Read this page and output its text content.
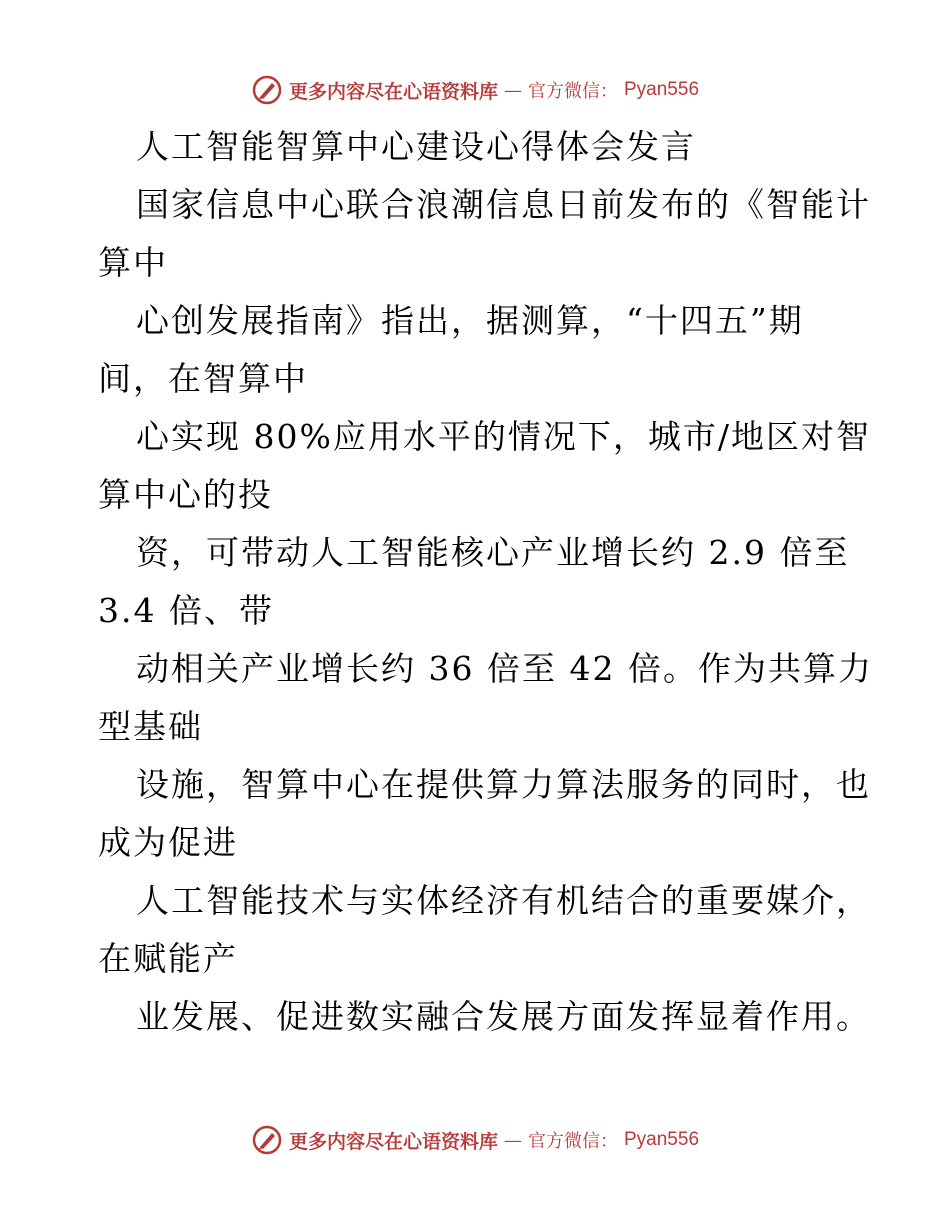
更多内容尽在心语资料库 — 官方微信： Pyan556
人工智能智算中心建设心得体会发言
国家信息中心联合浪潮信息日前发布的《智能计
算中
心创发展指南》指出，据测算，“十四五”期
间，在智算中
心实现 80%应用水平的情况下，城市/地区对智
算中心的投
资，可带动人工智能核心产业增长约 2.9 倍至
3.4 倍、带
动相关产业增长约 36 倍至 42 倍。作为共算力
型基础
设施，智算中心在提供算力算法服务的同时，也
成为促进
人工智能技术与实体经济有机结合的重要媒介，
在赋能产
业发展、促进数实融合发展方面发挥显着作用。
更多内容尽在心语资料库 — 官方微信： Pyan556
